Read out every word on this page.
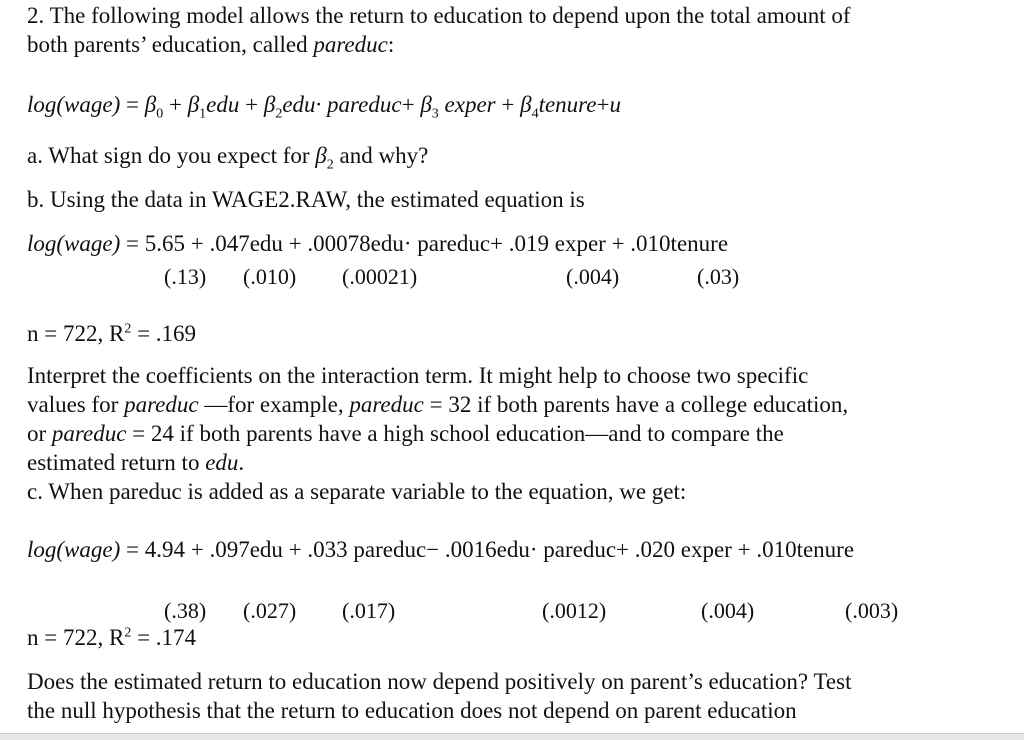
2. The following model allows the return to education to depend upon the total amount of
both parents’ education, called pareduc:
log(wage) = $\beta_0 + \beta_1edu + \beta_2edu\cdot$ pareduc+ $\beta_3$ exper + $\beta_4tenure+u$
a. What sign do you expect for $\beta_2$ and why?
b. Using the data in WAGE2.RAW, the estimated equation is
log(wage) = 5.65 + .047edu + .00078edu· pareduc+ .019 exper + .010tenure
(.13) (.010) (.00021)	(.004)	(.03)
n = 722, $R^2 = .169$
Interpret the coefficients on the interaction term. It might help to choose two specific
values for pareduc —for example, pareduc = 32 if both parents have a college education,
or pareduc = 24 if both parents have a high school education—and to compare the
estimated return to edu.
c. When pareduc is added as a separate variable to the equation, we get:
log(wage) = 4.94 + .097edu + .033 pareduc− .0016edu· pareduc+ .020 exper + .010tenure
(.38) (.027) (.017)	(.0012)	(.004)	(.003)
n = 722, $R^2 = .174$
Does the estimated return to education now depend positively on parent’s education? Test
the null hypothesis that the return to education does not depend on parent education
